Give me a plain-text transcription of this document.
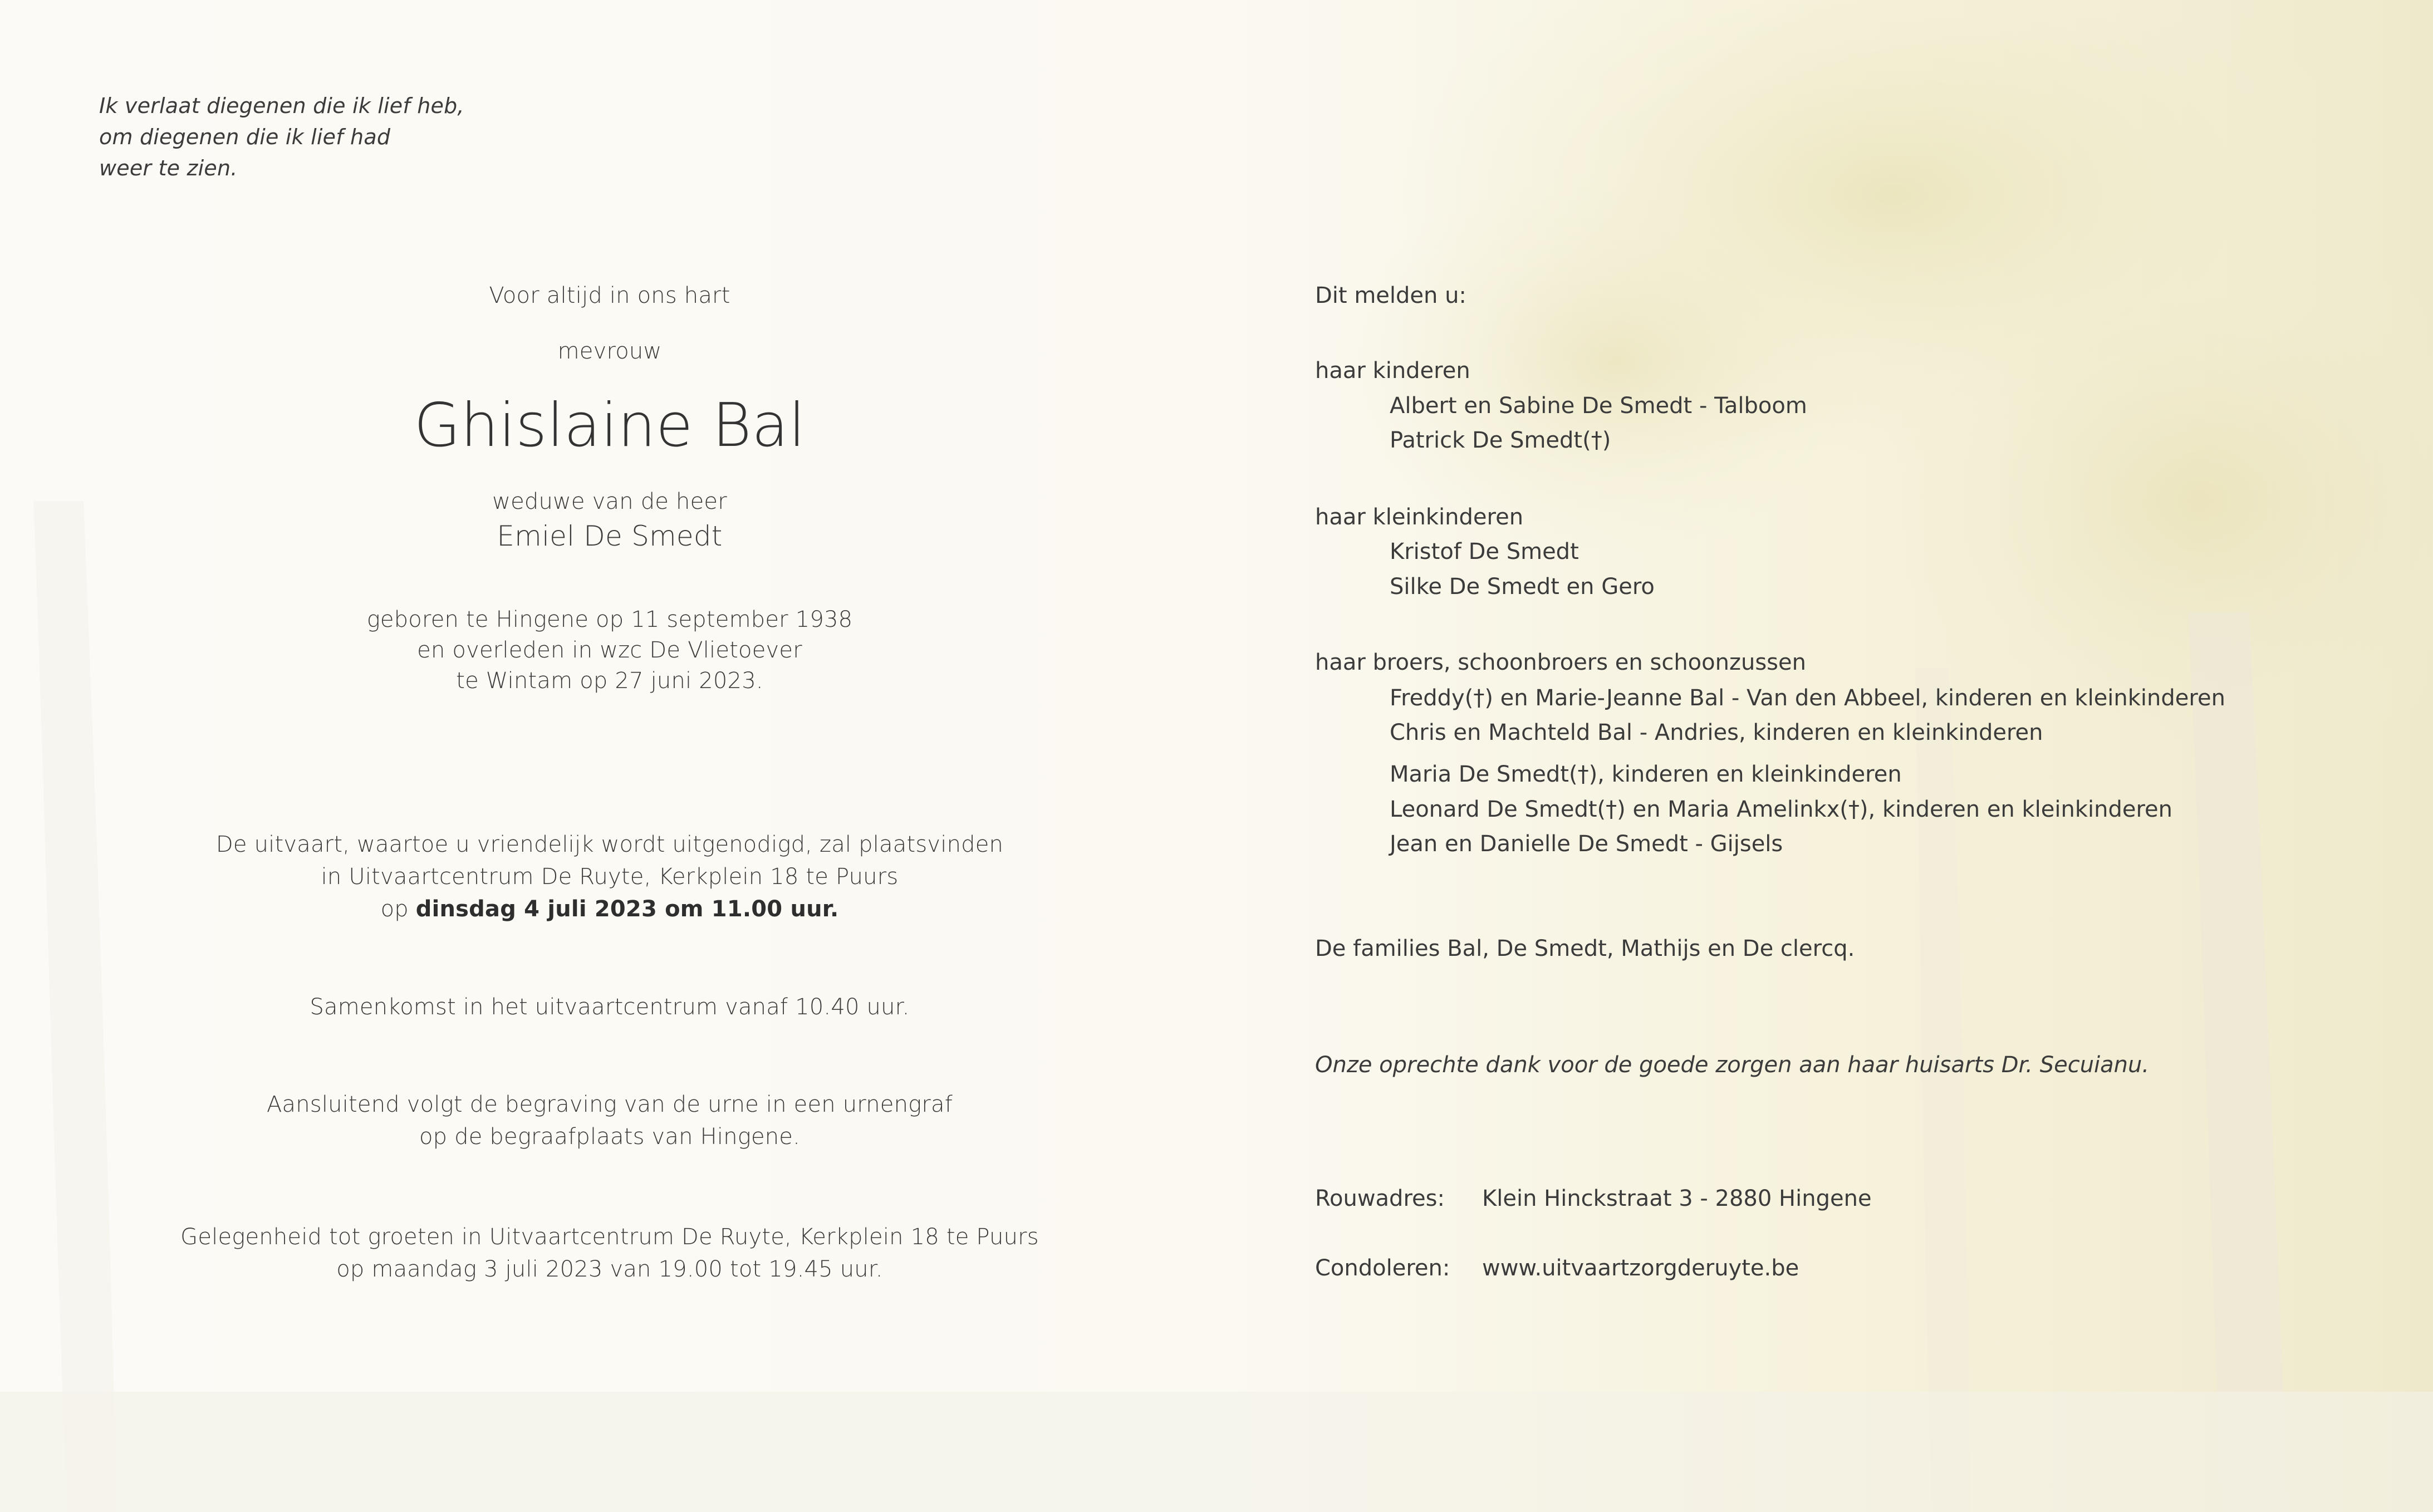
Ik verlaat diegenen die ik lief heb,
om diegenen die ik lief had
weer te zien.
Voor altijd in ons hart
mevrouw
Ghislaine Bal
weduwe van de heer
Emiel De Smedt
geboren te Hingene op 11 september 1938
en overleden in wzc De Vlietoever
te Wintam op 27 juni 2023.
De uitvaart, waartoe u vriendelijk wordt uitgenodigd, zal plaatsvinden
in Uitvaartcentrum De Ruyte, Kerkplein 18 te Puurs
op dinsdag 4 juli 2023 om 11.00 uur.
Samenkomst in het uitvaartcentrum vanaf 10.40 uur.
Aansluitend volgt de begraving van de urne in een urnengraf
op de begraafplaats van Hingene.
Gelegenheid tot groeten in Uitvaartcentrum De Ruyte, Kerkplein 18 te Puurs
op maandag 3 juli 2023 van 19.00 tot 19.45 uur.
Dit melden u:
haar kinderen
Albert en Sabine De Smedt - Talboom
Patrick De Smedt(†)
haar kleinkinderen
Kristof De Smedt
Silke De Smedt en Gero
haar broers, schoonbroers en schoonzussen
Freddy(†) en Marie-Jeanne Bal - Van den Abbeel, kinderen en kleinkinderen
Chris en Machteld Bal - Andries, kinderen en kleinkinderen
Maria De Smedt(†), kinderen en kleinkinderen
Leonard De Smedt(†) en Maria Amelinkx(†), kinderen en kleinkinderen
Jean en Danielle De Smedt - Gijsels
De families Bal, De Smedt, Mathijs en De clercq.
Onze oprechte dank voor de goede zorgen aan haar huisarts Dr. Secuianu.
Rouwadres: Klein Hinckstraat 3 - 2880 Hingene
Condoleren: www.uitvaartzorgderuyte.be
